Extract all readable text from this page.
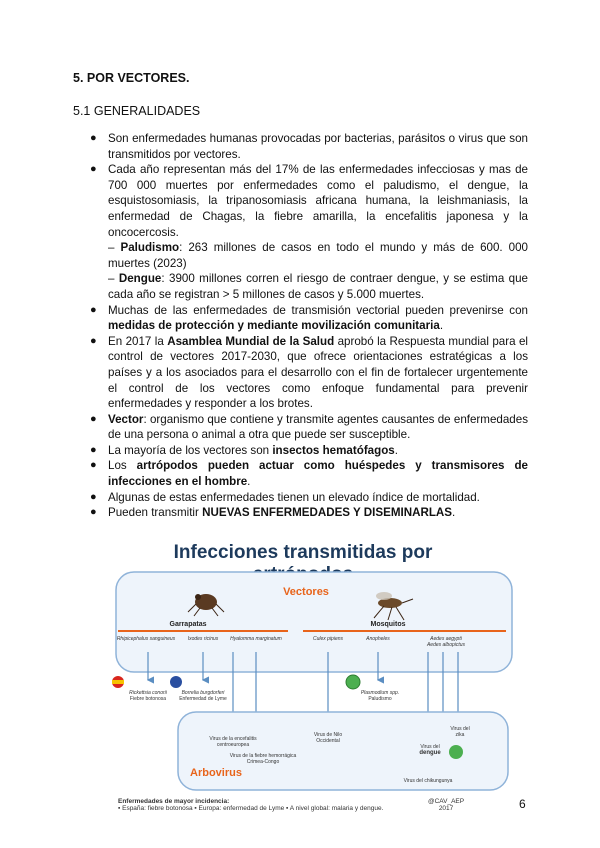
5. POR VECTORES.
5.1 GENERALIDADES
● Son enfermedades humanas provocadas por bacterias, parásitos o virus que son transmitidos por vectores.
● Cada año representan más del 17% de las enfermedades infecciosas y mas de 700 000 muertes por enfermedades como el paludismo, el dengue, la esquistosomiasis, la tripanosomiasis africana humana, la leishmaniasis, la enfermedad de Chagas, la fiebre amarilla, la encefalitis japonesa y la oncocercosis.
– Paludismo: 263 millones de casos en todo el mundo y más de 600. 000 muertes (2023)
– Dengue: 3900 millones corren el riesgo de contraer dengue, y se estima que cada año se registran > 5 millones de casos y 5.000 muertes.
● Muchas de las enfermedades de transmisión vectorial pueden prevenirse con medidas de protección y mediante movilización comunitaria.
● En 2017 la Asamblea Mundial de la Salud aprobó la Respuesta mundial para el control de vectores 2017-2030, que ofrece orientaciones estratégicas a los países y a los asociados para el desarrollo con el fin de fortalecer urgentemente el control de los vectores como enfoque fundamental para prevenir enfermedades y responder a los brotes.
● Vector: organismo que contiene y transmite agentes causantes de enfermedades de una persona o animal a otra que puede ser susceptible.
● La mayoría de los vectores son insectos hematófagos.
● Los artrópodos pueden actuar como huéspedes y transmisores de infecciones en el hombre.
● Algunas de estas enfermedades tienen un elevado índice de mortalidad.
● Pueden transmitir NUEVAS ENFERMEDADES Y DISEMINARLAS.
Infecciones transmitidas por
Vectores
Garrapatas	Mosquitos
Rhipicephalus sanguineus	Ixodes ricinus Hyalomma marginatum	Culex pipiens	Anopheles	Aedes aegypti
Aedes albopictus
Rickettsia conorii
Fiebre botonosa
Borrelia burgdorferi
Enfermedad de Lyme
Plasmodium spp.
Paludismo
Arbovirus
Virus de la encefalitis
centroeuropea
Virus de la fiebre hemorrágica
Crimea-Congo
Virus de Nilo
Occidental
Virus del
zika
Virus del
dengue
Virus del chikungunya
Enfermedades de mayor incidencia:
▪ España: fiebre botonosa ▪ Europa: enfermedad de Lyme ▪ A nivel global: malaria y dengue.
@CAV_AEP
2017	6
